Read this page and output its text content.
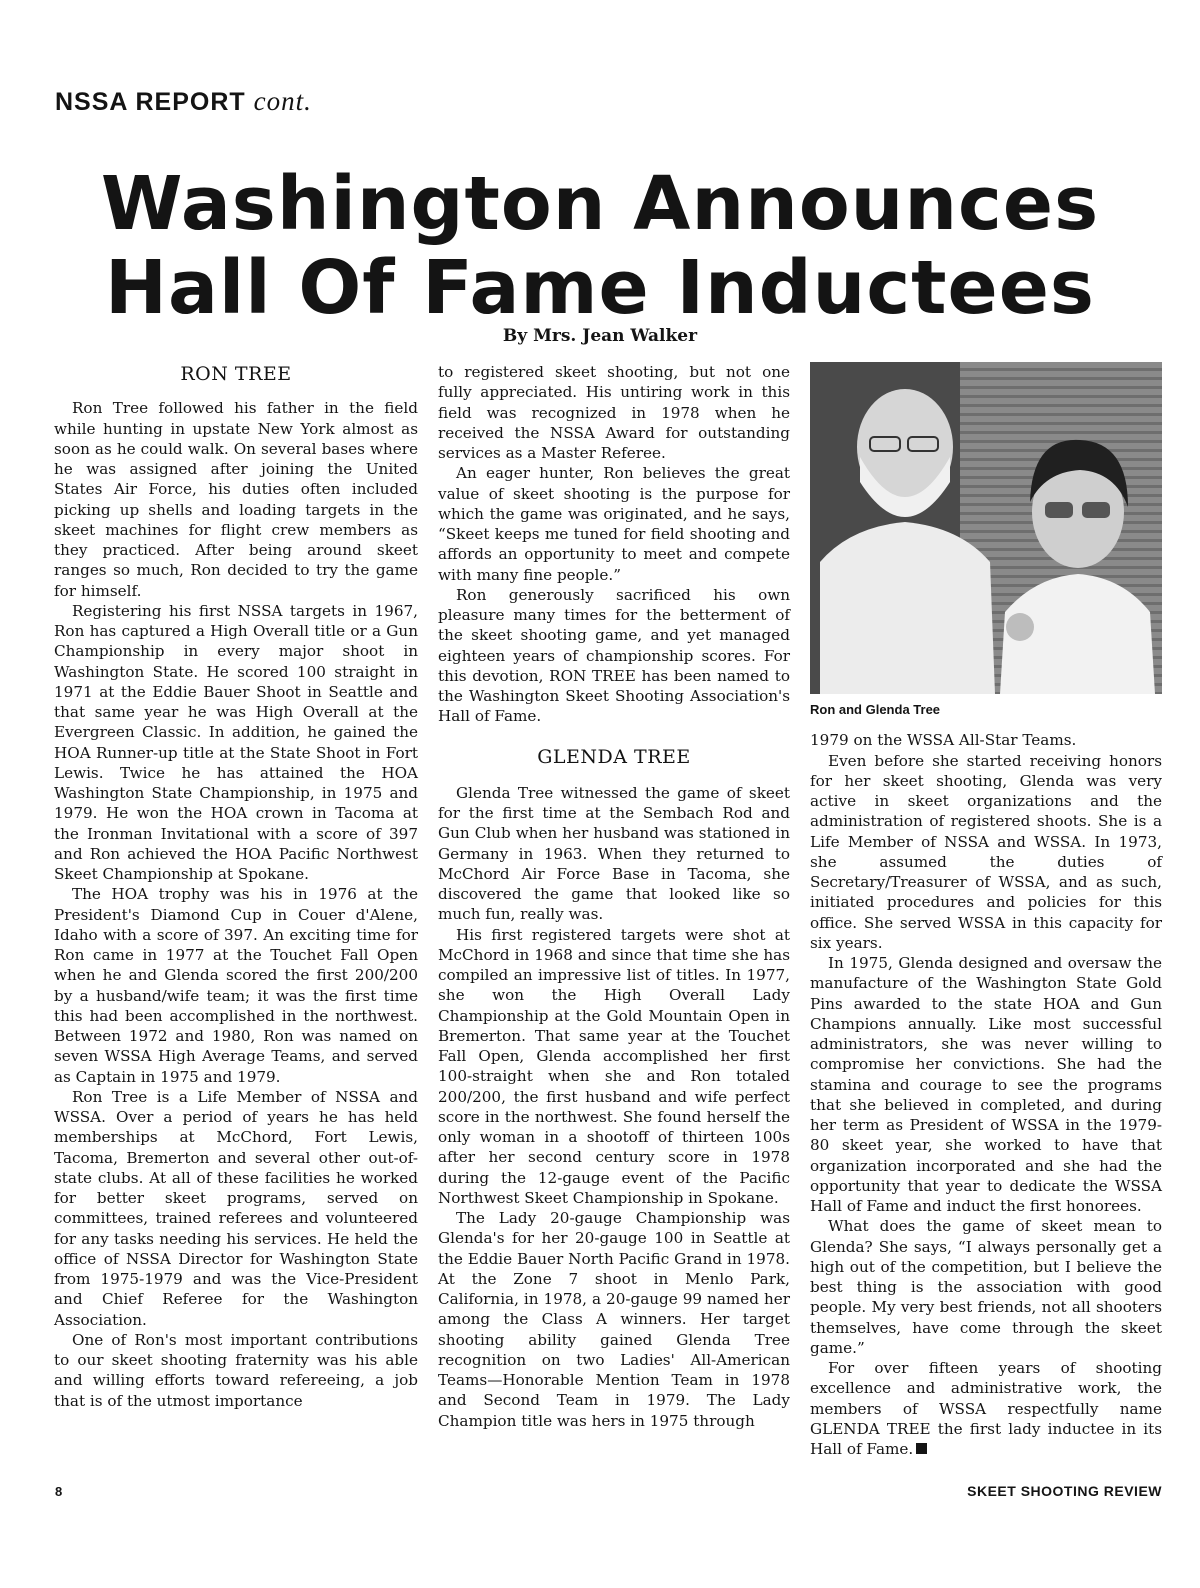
NSSA REPORT cont.
Washington Announces
Hall Of Fame Inductees
By Mrs. Jean Walker
RON TREE

Ron Tree followed his father in the field while hunting in upstate New York almost as soon as he could walk. On several bases where he was assigned after joining the United States Air Force, his duties often included picking up shells and loading targets in the skeet machines for flight crew members as they practiced. After being around skeet ranges so much, Ron decided to try the game for himself.

Registering his first NSSA targets in 1967, Ron has captured a High Overall title or a Gun Championship in every major shoot in Washington State. He scored 100 straight in 1971 at the Eddie Bauer Shoot in Seattle and that same year he was High Overall at the Evergreen Classic. In addition, he gained the HOA Runner-up title at the State Shoot in Fort Lewis. Twice he has attained the HOA Washington State Championship, in 1975 and 1979. He won the HOA crown in Tacoma at the Ironman Invitational with a score of 397 and Ron achieved the HOA Pacific Northwest Skeet Championship at Spokane.

The HOA trophy was his in 1976 at the President's Diamond Cup in Couer d'Alene, Idaho with a score of 397. An exciting time for Ron came in 1977 at the Touchet Fall Open when he and Glenda scored the first 200/200 by a husband/wife team; it was the first time this had been accomplished in the northwest. Between 1972 and 1980, Ron was named on seven WSSA High Average Teams, and served as Captain in 1975 and 1979.

Ron Tree is a Life Member of NSSA and WSSA. Over a period of years he has held memberships at McChord, Fort Lewis, Tacoma, Bremerton and several other out-of-state clubs. At all of these facilities he worked for better skeet programs, served on committees, trained referees and volunteered for any tasks needing his services. He held the office of NSSA Director for Washington State from 1975-1979 and was the Vice-President and Chief Referee for the Washington Association.

One of Ron's most important contributions to our skeet shooting fraternity was his able and willing efforts toward refereeing, a job that is of the utmost importance

to registered skeet shooting, but not one fully appreciated. His untiring work in this field was recognized in 1978 when he received the NSSA Award for outstanding services as a Master Referee.

An eager hunter, Ron believes the great value of skeet shooting is the purpose for which the game was originated, and he says, “Skeet keeps me tuned for field shooting and affords an opportunity to meet and compete with many fine people.”

Ron generously sacrificed his own pleasure many times for the betterment of the skeet shooting game, and yet managed eighteen years of championship scores. For this devotion, RON TREE has been named to the Washington Skeet Shooting Association's Hall of Fame.

GLENDA TREE

Glenda Tree witnessed the game of skeet for the first time at the Sembach Rod and Gun Club when her husband was stationed in Germany in 1963. When they returned to McChord Air Force Base in Tacoma, she discovered the game that looked like so much fun, really was.

His first registered targets were shot at McChord in 1968 and since that time she has compiled an impressive list of titles. In 1977, she won the High Overall Lady Championship at the Gold Mountain Open in Bremerton. That same year at the Touchet Fall Open, Glenda accomplished her first 100-straight when she and Ron totaled 200/200, the first husband and wife perfect score in the northwest. She found herself the only woman in a shootoff of thirteen 100s after her second century score in 1978 during the 12-gauge event of the Pacific Northwest Skeet Championship in Spokane.

The Lady 20-gauge Championship was Glenda's for her 20-gauge 100 in Seattle at the Eddie Bauer North Pacific Grand in 1978. At the Zone 7 shoot in Menlo Park, California, in 1978, a 20-gauge 99 named her among the Class A winners. Her target shooting ability gained Glenda Tree recognition on two Ladies' All-American Teams—Honorable Mention Team in 1978 and Second Team in 1979. The Lady Champion title was hers in 1975 through

Ron and Glenda Tree

1979 on the WSSA All-Star Teams.

Even before she started receiving honors for her skeet shooting, Glenda was very active in skeet organizations and the administration of registered shoots. She is a Life Member of NSSA and WSSA. In 1973, she assumed the duties of Secretary/Treasurer of WSSA, and as such, initiated procedures and policies for this office. She served WSSA in this capacity for six years.

In 1975, Glenda designed and oversaw the manufacture of the Washington State Gold Pins awarded to the state HOA and Gun Champions annually. Like most successful administrators, she was never willing to compromise her convictions. She had the stamina and courage to see the programs that she believed in completed, and during her term as President of WSSA in the 1979-80 skeet year, she worked to have that organization incorporated and she had the opportunity that year to dedicate the WSSA Hall of Fame and induct the first honorees.

What does the game of skeet mean to Glenda? She says, “I always personally get a high out of the competition, but I believe the best thing is the association with good people. My very best friends, not all shooters themselves, have come through the skeet game.”

For over fifteen years of shooting excellence and administrative work, the members of WSSA respectfully name GLENDA TREE the first lady inductee in its Hall of Fame.

8	SKEET SHOOTING REVIEW
